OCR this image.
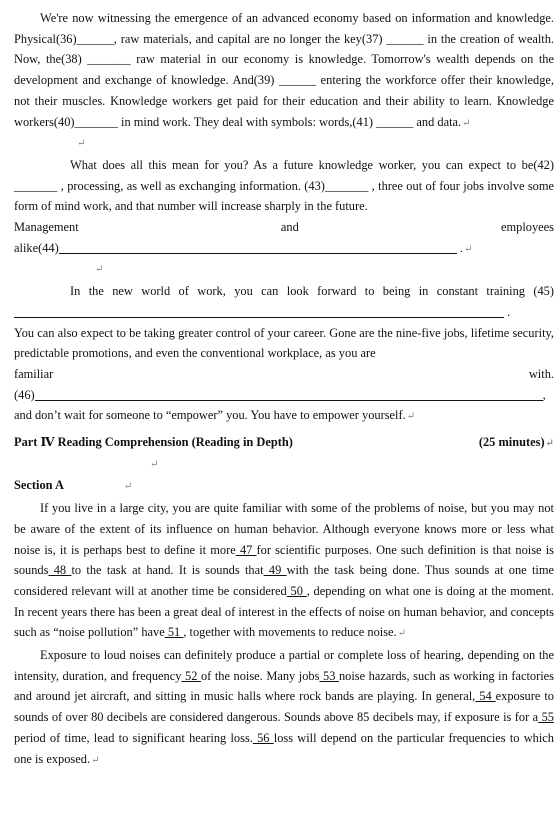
We're now witnessing the emergence of an advanced economy based on information and knowledge. Physical(36)______, raw materials, and capital are no longer the key(37) ______ in the creation of wealth. Now, the(38) _______ raw material in our economy is knowledge. Tomorrow's wealth depends on the development and exchange of knowledge. And(39) ______ entering the workforce offer their knowledge, not their muscles. Knowledge workers get paid for their education and their ability to learn. Knowledge workers(40)_______ in mind work. They deal with symbols: words,(41) ______ and data.↵

↵

What does all this mean for you? As a future knowledge worker, you can expect to be(42) _______ , processing, as well as exchanging information. (43)_______ , three out of four jobs involve some form of mind work, and that number will increase sharply in the future.

Management	and	employees
alike(44)	.↵
↵

In the new world of work, you can look forward to being in constant training (45) .

You can also expect to be taking greater control of your career. Gone are the nine-five jobs, lifetime security, predictable promotions, and even the conventional workplace, as you are

familiar	with.
(46)	,

and don’t wait for someone to “empower” you. You have to empower yourself.↵

Part Ⅳ Reading Comprehension (Reading in Depth)	(25 minutes)↵
↵
Section A	↵

If you live in a large city, you are quite familiar with some of the problems of noise, but you may not be aware of the extent of its influence on human behavior. Although everyone knows more or less what noise is, it is perhaps best to define it more 47 for scientific purposes. One such definition is that noise is sounds 48 to the task at hand. It is sounds that 49 with the task being done. Thus sounds at one time considered relevant will at another time be considered 50 , depending on what one is doing at the moment. In recent years there has been a great deal of interest in the effects of noise on human behavior, and concepts such as “noise pollution” have 51 , together with movements to reduce noise.↵

Exposure to loud noises can definitely produce a partial or complete loss of hearing, depending on the intensity, duration, and frequency 52 of the noise. Many jobs 53 noise hazards, such as working in factories and around jet aircraft, and sitting in music halls where rock bands are playing. In general, 54 exposure to sounds of over 80 decibels are considered dangerous. Sounds above 85 decibels may, if exposure is for a 55 period of time, lead to significant hearing loss. 56 loss will depend on the particular frequencies to which one is exposed.↵
